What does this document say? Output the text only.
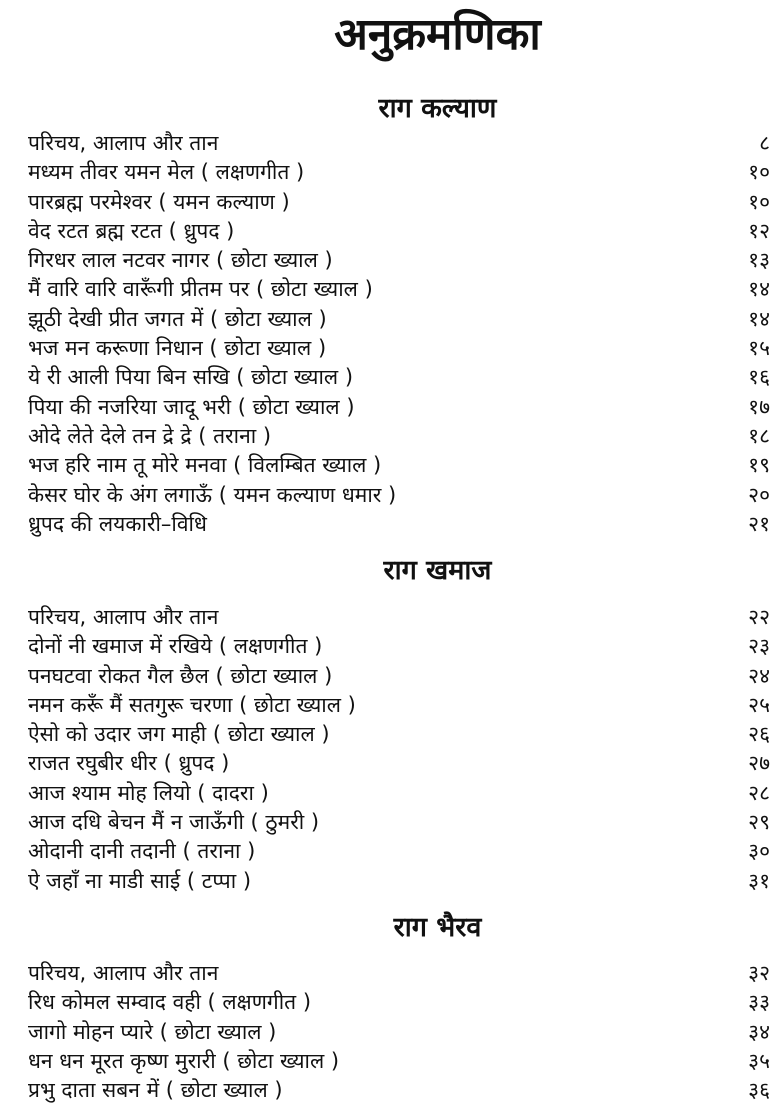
अनुक्रमणिका
राग कल्याण
परिचय, आलाप और तान	८
मध्यम तीवर यमन मेल ( लक्षणगीत )	१०
पारब्रह्म परमेश्वर ( यमन कल्याण )	१०
वेद रटत ब्रह्म रटत ( ध्रुपद )	१२
गिरधर लाल नटवर नागर ( छोटा ख्याल )	१३
मैं वारि वारि वारूँगी प्रीतम पर ( छोटा ख्याल )	१४
झूठी देखी प्रीत जगत में ( छोटा ख्याल )	१४
भज मन करूणा निधान ( छोटा ख्याल )	१५
ये री आली पिया बिन सखि ( छोटा ख्याल )	१६
पिया की नजरिया जादू भरी ( छोटा ख्याल )	१७
ओदे लेते देले तन द्रे द्रे ( तराना )	१८
भज हरि नाम तू मोरे मनवा ( विलम्बित ख्याल )	१९
केसर घोर के अंग लगाऊँ ( यमन कल्याण धमार )	२०
ध्रुपद की लयकारी–विधि	२१
राग खमाज
परिचय, आलाप और तान	२२
दोनों नी खमाज में रखिये ( लक्षणगीत )	२३
पनघटवा रोकत गैल छैल ( छोटा ख्याल )	२४
नमन करूँ मैं सतगुरू चरणा ( छोटा ख्याल )	२५
ऐसो को उदार जग माही ( छोटा ख्याल )	२६
राजत रघुबीर धीर ( ध्रुपद )	२७
आज श्याम मोह लियो ( दादरा )	२८
आज दधि बेचन मैं न जाऊँगी ( ठुमरी )	२९
ओदानी दानी तदानी ( तराना )	३०
ऐ जहाँ ना माडी साई ( टप्पा )	३१
राग भैरव
परिचय, आलाप और तान	३२
रिध कोमल सम्वाद वही ( लक्षणगीत )	३३
जागो मोहन प्यारे ( छोटा ख्याल )	३४
धन धन मूरत कृष्ण मुरारी ( छोटा ख्याल )	३५
प्रभु दाता सबन में ( छोटा ख्याल )	३६
